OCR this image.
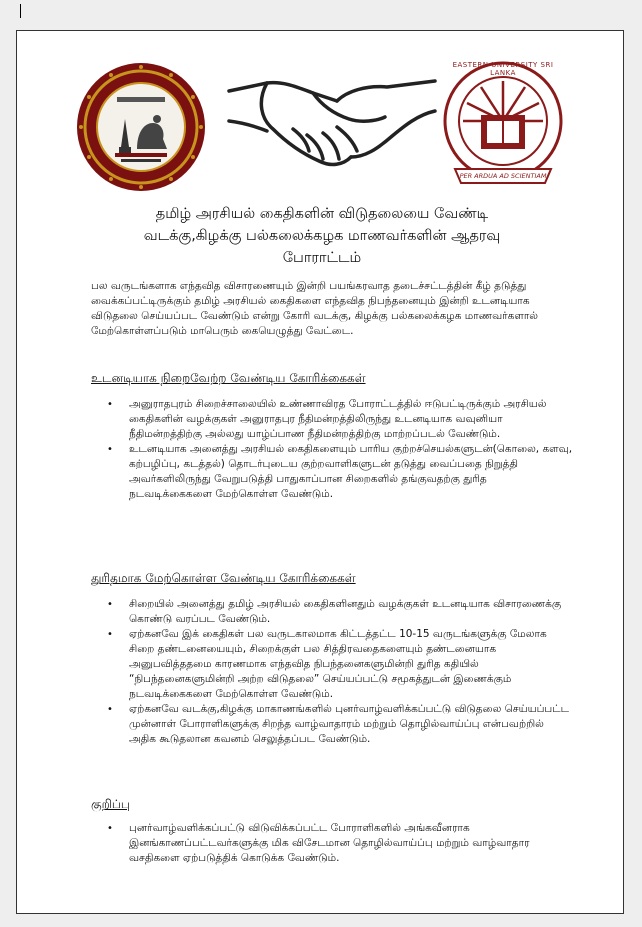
EASTERN UNIVERSITY SRI LANKA
PER ARDUA AD SCIENTIAM
தமிழ் அரசியல் கைதிகளின் விடுதலையை வேண்டி
வடக்கு,கிழக்கு பல்கலைக்கழக மாணவர்களின் ஆதரவு
போராட்டம்
பல வருடங்களாக எந்தவித விசாரணையும் இன்றி பயங்கரவாத தடைச்சட்டத்தின் கீழ் தடுத்து வைக்கப்பட்டிருக்கும் தமிழ் அரசியல் கைதிகளை எந்தவித நிபந்தனையும் இன்றி உடனடியாக விடுதலை செய்யப்பட வேண்டும் என்று கோரி வடக்கு, கிழக்கு பல்கலைக்கழக மாணவர்களால் மேற்கொள்ளப்படும் மாபெரும் கையெழுத்து வேட்டை.
உடனடியாக நிறைவேற்ற வேண்டிய கோரிக்கைகள்
• அனுராதபுரம் சிறைச்சாலையில் உண்ணாவிரத போராட்டத்தில் ஈடுபட்டிருக்கும் அரசியல் கைதிகளின் வழக்குகள் அனுராதபுர நீதிமன்றத்திலிருந்து உடனடியாக வவுனியா நீதிமன்றத்திற்கு அல்லது யாழ்ப்பாண நீதிமன்றத்திற்கு மாற்றப்படல் வேண்டும்.
• உடனடியாக அனைத்து அரசியல் கைதிகளையும் பாரிய குற்றச்செயல்களுடன்(கொலை, களவு, கற்பழிப்பு, கடத்தல்) தொடர்புடைய குற்றவாளிகளுடன் தடுத்து வைப்பதை நிறுத்தி அவர்களிலிருந்து வேறுபடுத்தி பாதுகாப்பான சிறைகளில் தங்குவதற்கு துரித நடவடிக்கைகளை மேற்கொள்ள வேண்டும்.
துரிதமாக மேற்கொள்ள வேண்டிய கோரிக்கைகள்
• சிறையில் அனைத்து தமிழ் அரசியல் கைதிகளினதும் வழக்குகள் உடனடியாக விசாரணைக்கு கொண்டு வரப்பட வேண்டும்.
• ஏற்கனவே இக் கைதிகள் பல வருடகாலமாக கிட்டத்தட்ட 10-15 வருடங்களுக்கு மேலாக சிறை தண்டனையையும், சிறைக்குள் பல சித்திரவதைகளையும் தண்டனையாக அனுபவித்ததமை காரணமாக எந்தவித நிபந்தனைகளுமின்றி துரித கதியில் “நிபந்தனைகளுமின்றி அற்ற விடுதலை” செய்யப்பட்டு சமூகத்துடன் இணைக்கும் நடவடிக்கைகளை மேற்கொள்ள வேண்டும்.
• ஏற்கனவே வடக்கு,கிழக்கு மாகாணங்களில் புனர்வாழ்வளிக்கப்பட்டு விடுதலை செய்யப்பட்ட முன்னாள் போராளிகளுக்கு சிறந்த வாழ்வாதாரம் மற்றும் தொழில்வாய்ப்பு என்பவற்றில் அதிக கூடுதலான கவனம் செலுத்தப்பட வேண்டும்.
குறிப்பு
• புனர்வாழ்வளிக்கப்பட்டு விடுவிக்கப்பட்ட போராளிகளில் அங்கவீனராக இனங்காணப்பட்டவர்களுக்கு மிக விசேடமான தொழில்வாய்ப்பு மற்றும் வாழ்வாதார வசதிகளை ஏற்படுத்திக் கொடுக்க வேண்டும்.
